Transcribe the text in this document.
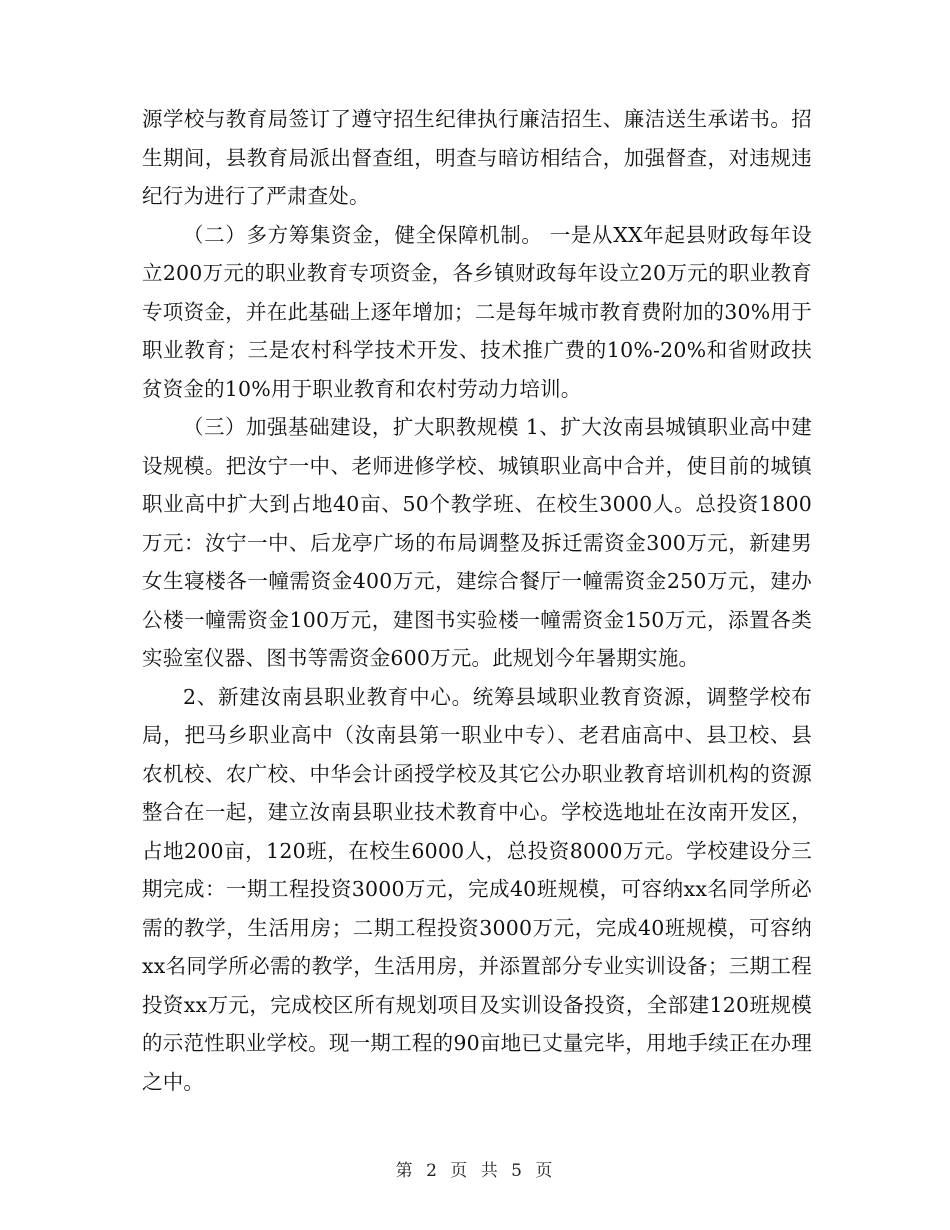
源学校与教育局签订了遵守招生纪律执行廉洁招生、廉洁送生承诺书。招生期间，县教育局派出督查组，明查与暗访相结合，加强督查，对违规违纪行为进行了严肃查处。

（二）多方筹集资金，健全保障机制。 一是从XX年起县财政每年设立200万元的职业教育专项资金，各乡镇财政每年设立20万元的职业教育专项资金，并在此基础上逐年增加；二是每年城市教育费附加的30%用于职业教育；三是农村科学技术开发、技术推广费的10%-20%和省财政扶贫资金的10%用于职业教育和农村劳动力培训。

（三）加强基础建设，扩大职教规模 1、扩大汝南县城镇职业高中建设规模。把汝宁一中、老师进修学校、城镇职业高中合并，使目前的城镇职业高中扩大到占地40亩、50个教学班、在校生3000人。总投资1800万元：汝宁一中、后龙亭广场的布局调整及拆迁需资金300万元，新建男女生寝楼各一幢需资金400万元，建综合餐厅一幢需资金250万元，建办公楼一幢需资金100万元，建图书实验楼一幢需资金150万元，添置各类实验室仪器、图书等需资金600万元。此规划今年暑期实施。

2、新建汝南县职业教育中心。统筹县域职业教育资源，调整学校布局，把马乡职业高中（汝南县第一职业中专）、老君庙高中、县卫校、县农机校、农广校、中华会计函授学校及其它公办职业教育培训机构的资源整合在一起，建立汝南县职业技术教育中心。学校选地址在汝南开发区，占地200亩，120班，在校生6000人，总投资8000万元。学校建设分三期完成：一期工程投资3000万元，完成40班规模，可容纳xx名同学所必需的教学，生活用房；二期工程投资3000万元，完成40班规模，可容纳xx名同学所必需的教学，生活用房，并添置部分专业实训设备；三期工程投资xx万元，完成校区所有规划项目及实训设备投资，全部建120班规模的示范性职业学校。现一期工程的90亩地已丈量完毕，用地手续正在办理之中。

第 2 页 共 5 页
